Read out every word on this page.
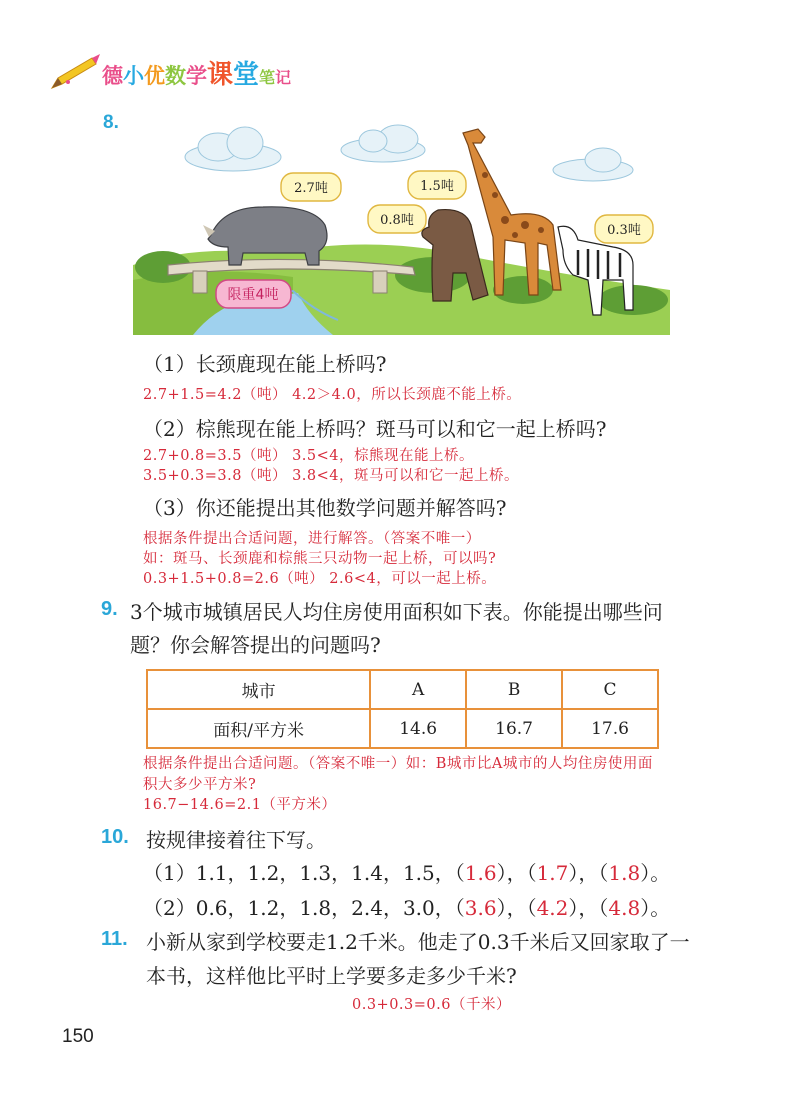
德小优数学课堂笔记
8.
限重4吨
2.7吨	1.5吨
0.8吨
0.3吨
（1）长颈鹿现在能上桥吗?
2.7+1.5=4.2（吨） 4.2＞4.0，所以长颈鹿不能上桥。
（2）棕熊现在能上桥吗？斑马可以和它一起上桥吗?
2.7+0.8=3.5（吨） 3.5<4，棕熊现在能上桥。
3.5+0.3=3.8（吨） 3.8<4，斑马可以和它一起上桥。
（3）你还能提出其他数学问题并解答吗?
根据条件提出合适问题，进行解答。（答案不唯一）
如：斑马、长颈鹿和棕熊三只动物一起上桥，可以吗?
0.3+1.5+0.8=2.6（吨） 2.6<4，可以一起上桥。
9. 3个城市城镇居民人均住房使用面积如下表。你能提出哪些问
题？你会解答提出的问题吗?
城市	A	B	C
面积/平方米	14.6	16.7	17.6
根据条件提出合适问题。（答案不唯一）如：B城市比A城市的人均住房使用面
积大多少平方米?
16.7−14.6=2.1（平方米）
10. 按规律接着往下写。
（1）1.1，1.2，1.3，1.4，1.5，（1.6），（1.7），（1.8）。
（2）0.6，1.2，1.8，2.4，3.0，（3.6），（4.2），（4.8）。
11. 小新从家到学校要走1.2千米。他走了0.3千米后又回家取了一
本书，这样他比平时上学要多走多少千米?
0.3+0.3=0.6（千米）
150
